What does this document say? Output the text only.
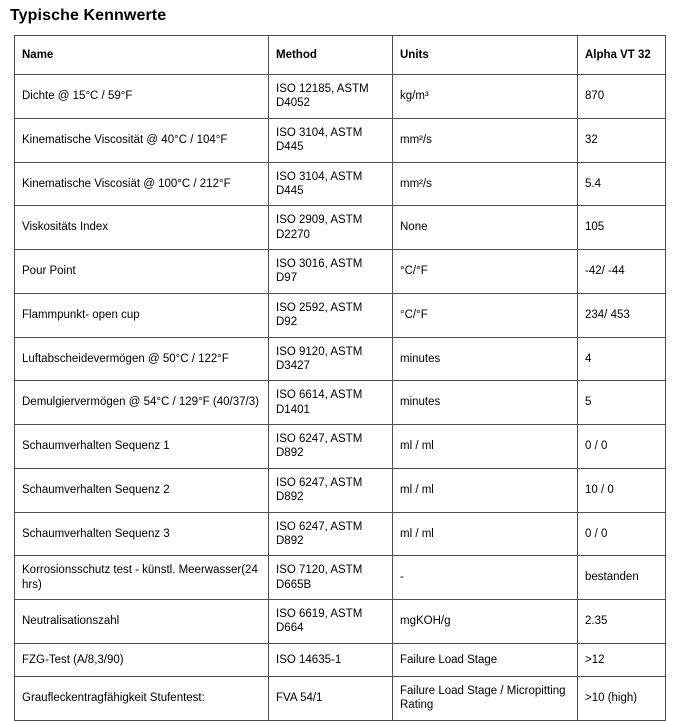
Typische Kennwerte
Name	Method	Units	Alpha VT 32
Dichte @ 15°C / 59°F	ISO 12185, ASTM D4052	kg/m³	870
Kinematische Viscosität @ 40°C / 104°F	ISO 3104, ASTM D445	mm²/s	32
Kinematische Viscosiät @ 100°C / 212°F	ISO 3104, ASTM D445	mm²/s	5.4
Viskositäts Index	ISO 2909, ASTM D2270	None	105
Pour Point	ISO 3016, ASTM D97	°C/°F	-42/ -44
Flammpunkt- open cup	ISO 2592, ASTM D92	°C/°F	234/ 453
Luftabscheidevermögen @ 50°C / 122°F	ISO 9120, ASTM D3427	minutes	4
Demulgiervermögen @ 54°C / 129°F (40/37/3)	ISO 6614, ASTM D1401	minutes	5
Schaumverhalten Sequenz 1	ISO 6247, ASTM D892	ml / ml	0 / 0
Schaumverhalten Sequenz 2	ISO 6247, ASTM D892	ml / ml	10 / 0
Schaumverhalten Sequenz 3	ISO 6247, ASTM D892	ml / ml	0 / 0
Korrosionsschutz test - künstl. Meerwasser(24 hrs)	ISO 7120, ASTM D665B	-	bestanden
Neutralisationszahl	ISO 6619, ASTM D664	mgKOH/g	2.35
FZG-Test (A/8,3/90)	ISO 14635-1	Failure Load Stage	>12
Graufleckentragfähigkeit Stufentest:	FVA 54/1	Failure Load Stage / Micropitting Rating	>10 (high)
